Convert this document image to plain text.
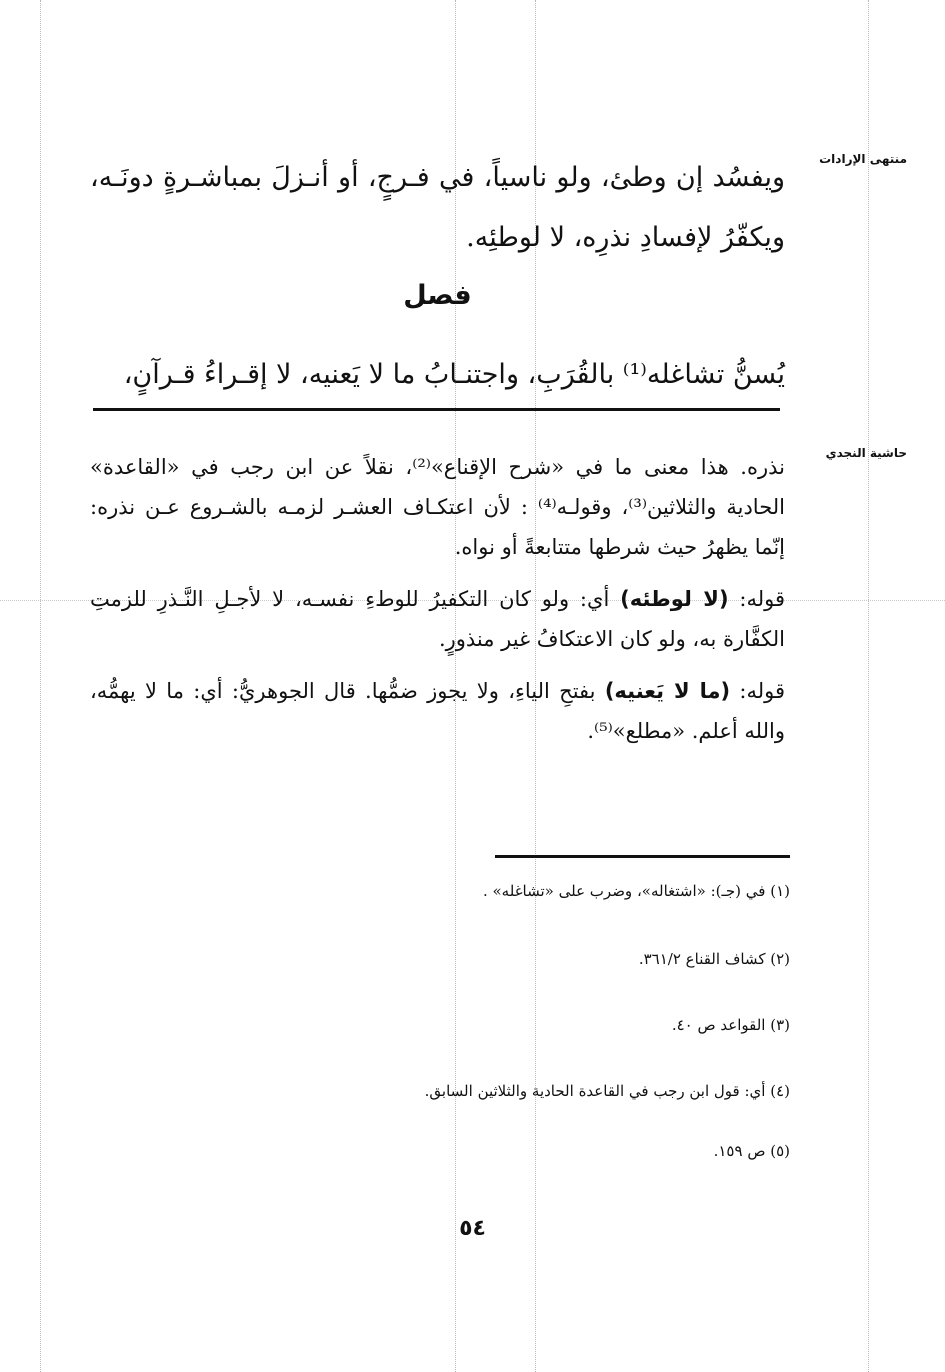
منتهى الإرادات
حاشية النجدي
ويفسُد إن وطئ، ولو ناسياً، في فـرجٍ، أو أنـزلَ بمباشـرةٍ دونَـه، ويكفّرُ لإفسادِ نذرِه، لا لوطئِه.
فصل
يُسنُّ تشاغله⁽¹⁾ بالقُرَبِ، واجتنـابُ ما لا يَعنيه، لا إقـراءُ قـرآنٍ،

نذره. هذا معنى ما في «شرح الإقناع»⁽²⁾، نقلاً عن ابن رجب في «القاعدة» الحادية والثلاثين⁽³⁾، وقولـه⁽⁴⁾ : لأن اعتكـاف العشـر لزمـه بالشـروع عـن نذره: إنّما يظهرُ حيث شرطها متتابعةً أو نواه.

قوله: (لا لوطئه) أي: ولو كان التكفيرُ للوطءِ نفسـه، لا لأجـلِ النَّـذرِ للزمتِ الكفَّارة به، ولو كان الاعتكافُ غير منذورٍ.

قوله: (ما لا يَعنيه) بفتحِ الياءِ، ولا يجوز ضمُّها. قال الجوهريُّ: أي: ما لا يهمُّه، والله أعلم. «مطلع»⁽⁵⁾.

(١) في (جـ): «اشتغاله»، وضرب على «تشاغله» .
(٢) كشاف القناع ٣٦١/٢.
(٣) القواعد ص ٤٠.
(٤) أي: قول ابن رجب في القاعدة الحادية والثلاثين السابق.
(٥) ص ١٥٩.
٥٤
